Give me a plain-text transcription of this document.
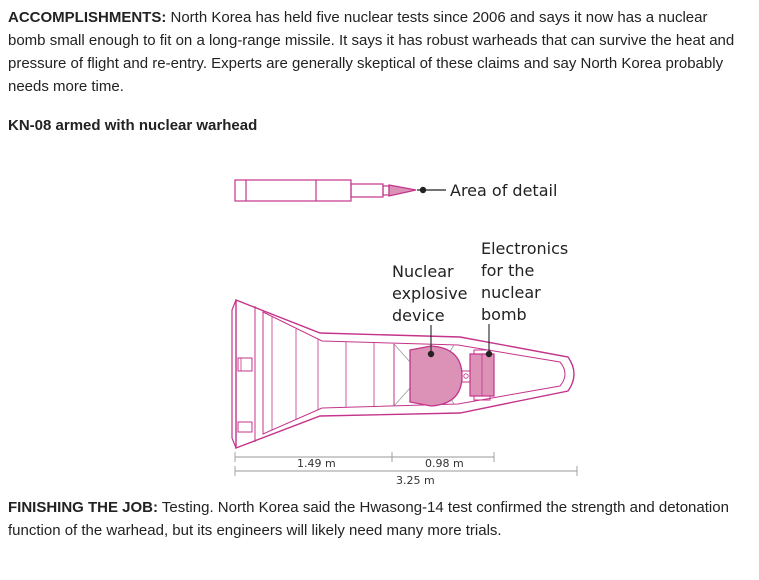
ACCOMPLISHMENTS: North Korea has held five nuclear tests since 2006 and says it now has a nuclear bomb small enough to fit on a long-range missile. It says it has robust warheads that can survive the heat and pressure of flight and re-entry. Experts are generally skeptical of these claims and say North Korea probably needs more time.

KN-08 armed with nuclear warhead

Area of detail
Nuclear explosive device
Electronics for the nuclear bomb
1.49 m	0.98 m
3.25 m

FINISHING THE JOB: Testing. North Korea said the Hwasong-14 test confirmed the strength and detonation function of the warhead, but its engineers will likely need many more trials.
